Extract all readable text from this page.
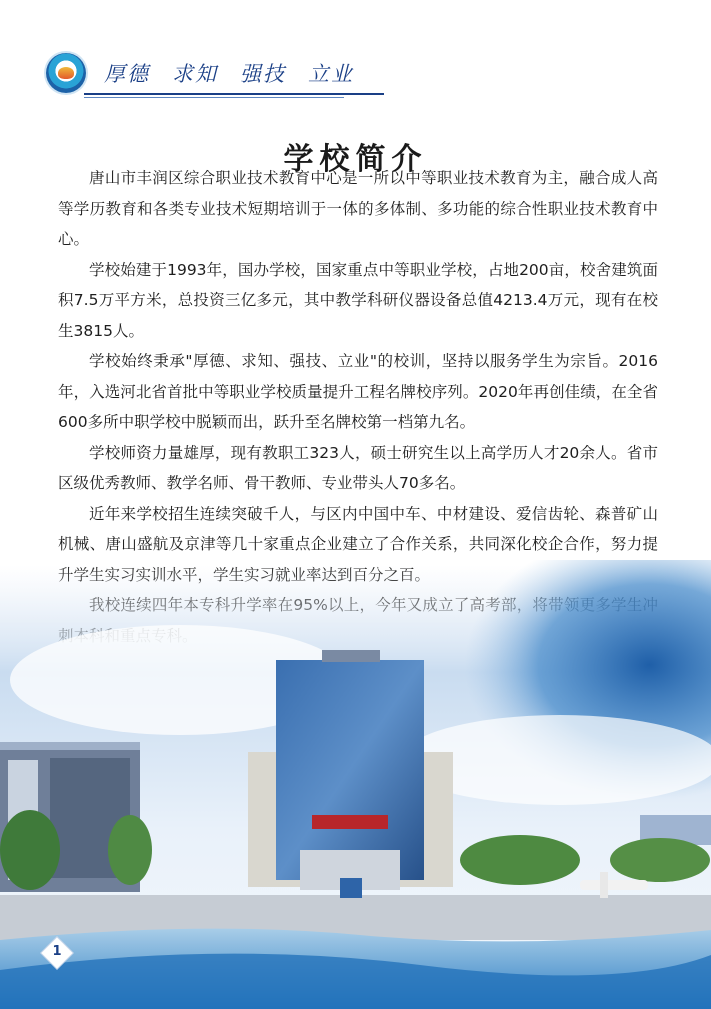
厚德 求知 强技 立业
学校简介

唐山市丰润区综合职业技术教育中心是一所以中等职业技术教育为主，融合成人高等学历教育和各类专业技术短期培训于一体的多体制、多功能的综合性职业技术教育中心。

学校始建于1993年，国办学校，国家重点中等职业学校，占地200亩，校舍建筑面积7.5万平方米，总投资三亿多元，其中教学科研仪器设备总值4213.4万元，现有在校生3815人。

学校始终秉承"厚德、求知、强技、立业"的校训，坚持以服务学生为宗旨。2016年，入选河北省首批中等职业学校质量提升工程名牌校序列。2020年再创佳绩，在全省600多所中职学校中脱颖而出，跃升至名牌校第一档第九名。

学校师资力量雄厚，现有教职工323人，硕士研究生以上高学历人才20余人。省市区级优秀教师、教学名师、骨干教师、专业带头人70多名。

近年来学校招生连续突破千人，与区内中国中车、中材建设、爱信齿轮、森普矿山机械、唐山盛航及京津等几十家重点企业建立了合作关系，共同深化校企合作，努力提

1
